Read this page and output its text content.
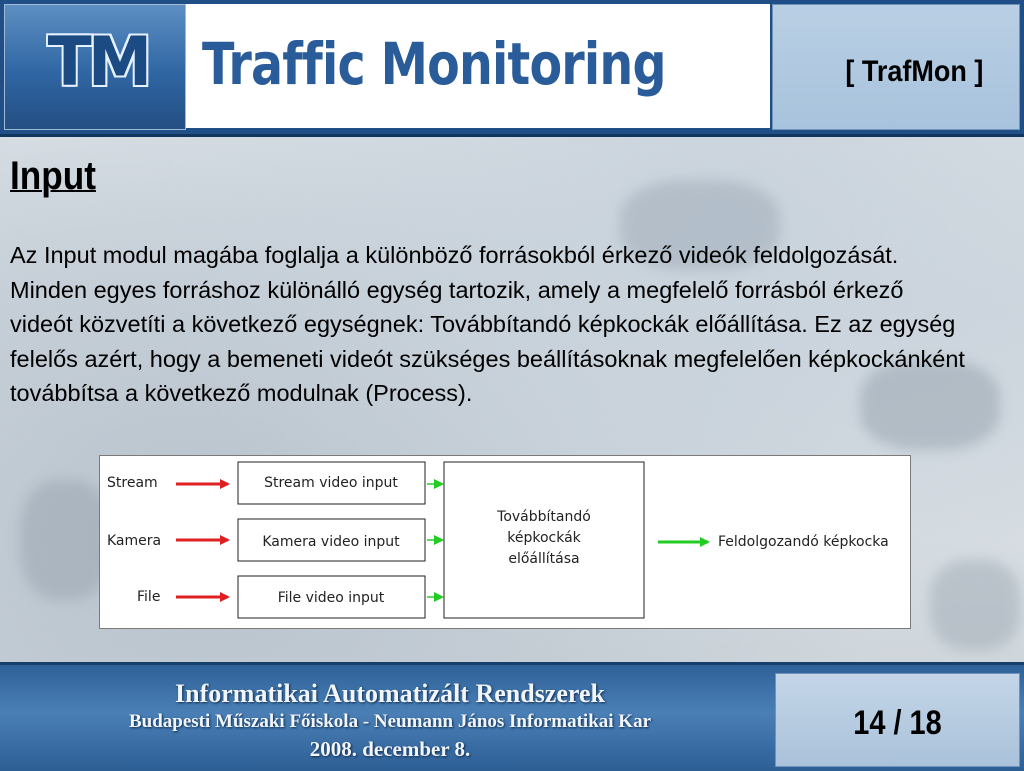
TM Traffic Monitoring	[ TrafMon ]
Input
Az Input modul magába foglalja a különböző forrásokból érkező videók feldolgozását. Minden egyes forráshoz különálló egység tartozik, amely a megfelelő forrásból érkező videót közvetíti a következő egységnek: Továbbítandó képkockák előállítása. Ez az egység felelős azért, hogy a bemeneti videót szükséges beállításoknak megfelelően képkockánként továbbítsa a következő modulnak (Process).
Stream
Kamera
File
Stream video input
Kamera video input
File video input
Továbbítandó
képkockák
előállítása
Feldolgozandó képkocka
Informatikai Automatizált Rendszerek
Budapesti Műszaki Főiskola - Neumann János Informatikai Kar
2008. december 8.
14 / 18
